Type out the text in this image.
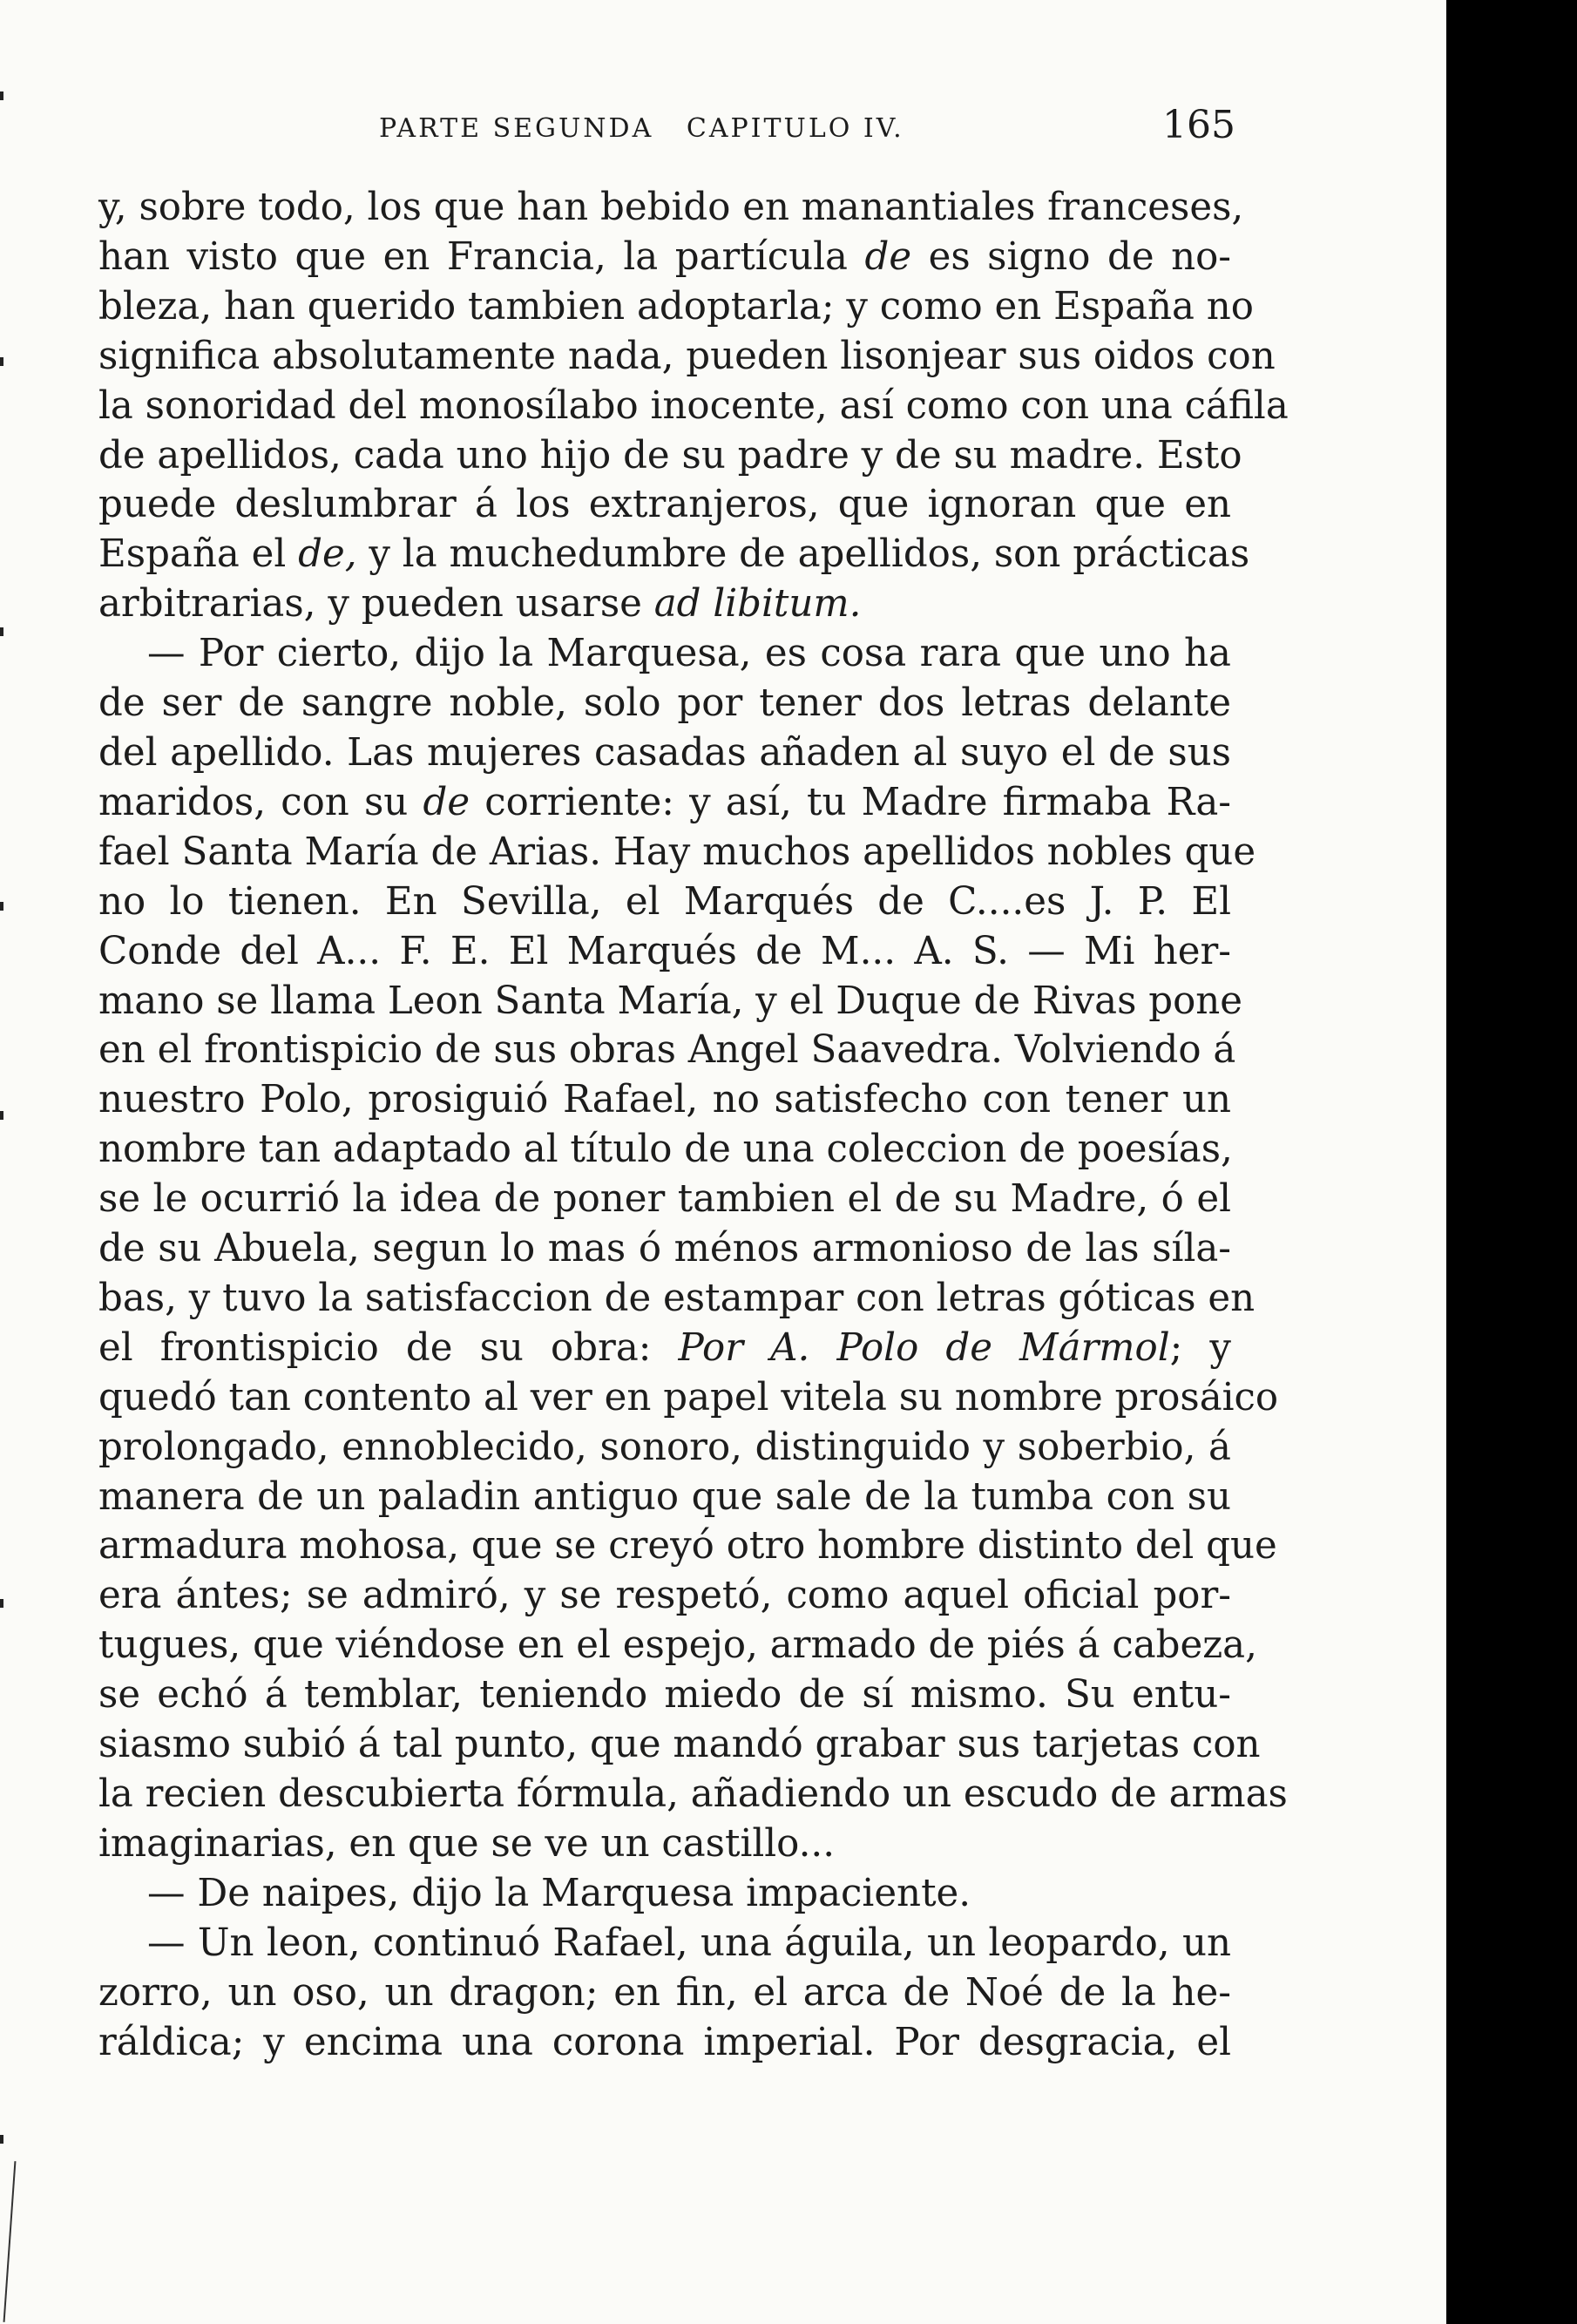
PARTE SEGUNDA   CAPITULO IV.	165
y, sobre todo, los que han bebido en manantiales franceses,
han visto que en Francia, la partícula de es signo de no-
bleza, han querido tambien adoptarla; y como en España no
significa absolutamente nada, pueden lisonjear sus oidos con
la sonoridad del monosílabo inocente, así como con una cáfila
de apellidos, cada uno hijo de su padre y de su madre. Esto
puede deslumbrar á los extranjeros, que ignoran que en
España el de, y la muchedumbre de apellidos, son prácticas
arbitrarias, y pueden usarse ad libitum.
— Por cierto, dijo la Marquesa, es cosa rara que uno ha
de ser de sangre noble, solo por tener dos letras delante
del apellido. Las mujeres casadas añaden al suyo el de sus
maridos, con su de corriente: y así, tu Madre firmaba Ra-
fael Santa María de Arias. Hay muchos apellidos nobles que
no lo tienen. En Sevilla, el Marqués de C....es J. P. El
Conde del A... F. E. El Marqués de M... A. S. — Mi her-
mano se llama Leon Santa María, y el Duque de Rivas pone
en el frontispicio de sus obras Angel Saavedra. Volviendo á
nuestro Polo, prosiguió Rafael, no satisfecho con tener un
nombre tan adaptado al título de una coleccion de poesías,
se le ocurrió la idea de poner tambien el de su Madre, ó el
de su Abuela, segun lo mas ó ménos armonioso de las síla-
bas, y tuvo la satisfaccion de estampar con letras góticas en
el frontispicio de su obra: Por A. Polo de Mármol; y
quedó tan contento al ver en papel vitela su nombre prosáico
prolongado, ennoblecido, sonoro, distinguido y soberbio, á
manera de un paladin antiguo que sale de la tumba con su
armadura mohosa, que se creyó otro hombre distinto del que
era ántes; se admiró, y se respetó, como aquel oficial por-
tugues, que viéndose en el espejo, armado de piés á cabeza,
se echó á temblar, teniendo miedo de sí mismo. Su entu-
siasmo subió á tal punto, que mandó grabar sus tarjetas con
la recien descubierta fórmula, añadiendo un escudo de armas
imaginarias, en que se ve un castillo...
— De naipes, dijo la Marquesa impaciente.
— Un leon, continuó Rafael, una águila, un leopardo, un
zorro, un oso, un dragon; en fin, el arca de Noé de la he-
ráldica; y encima una corona imperial. Por desgracia, el
